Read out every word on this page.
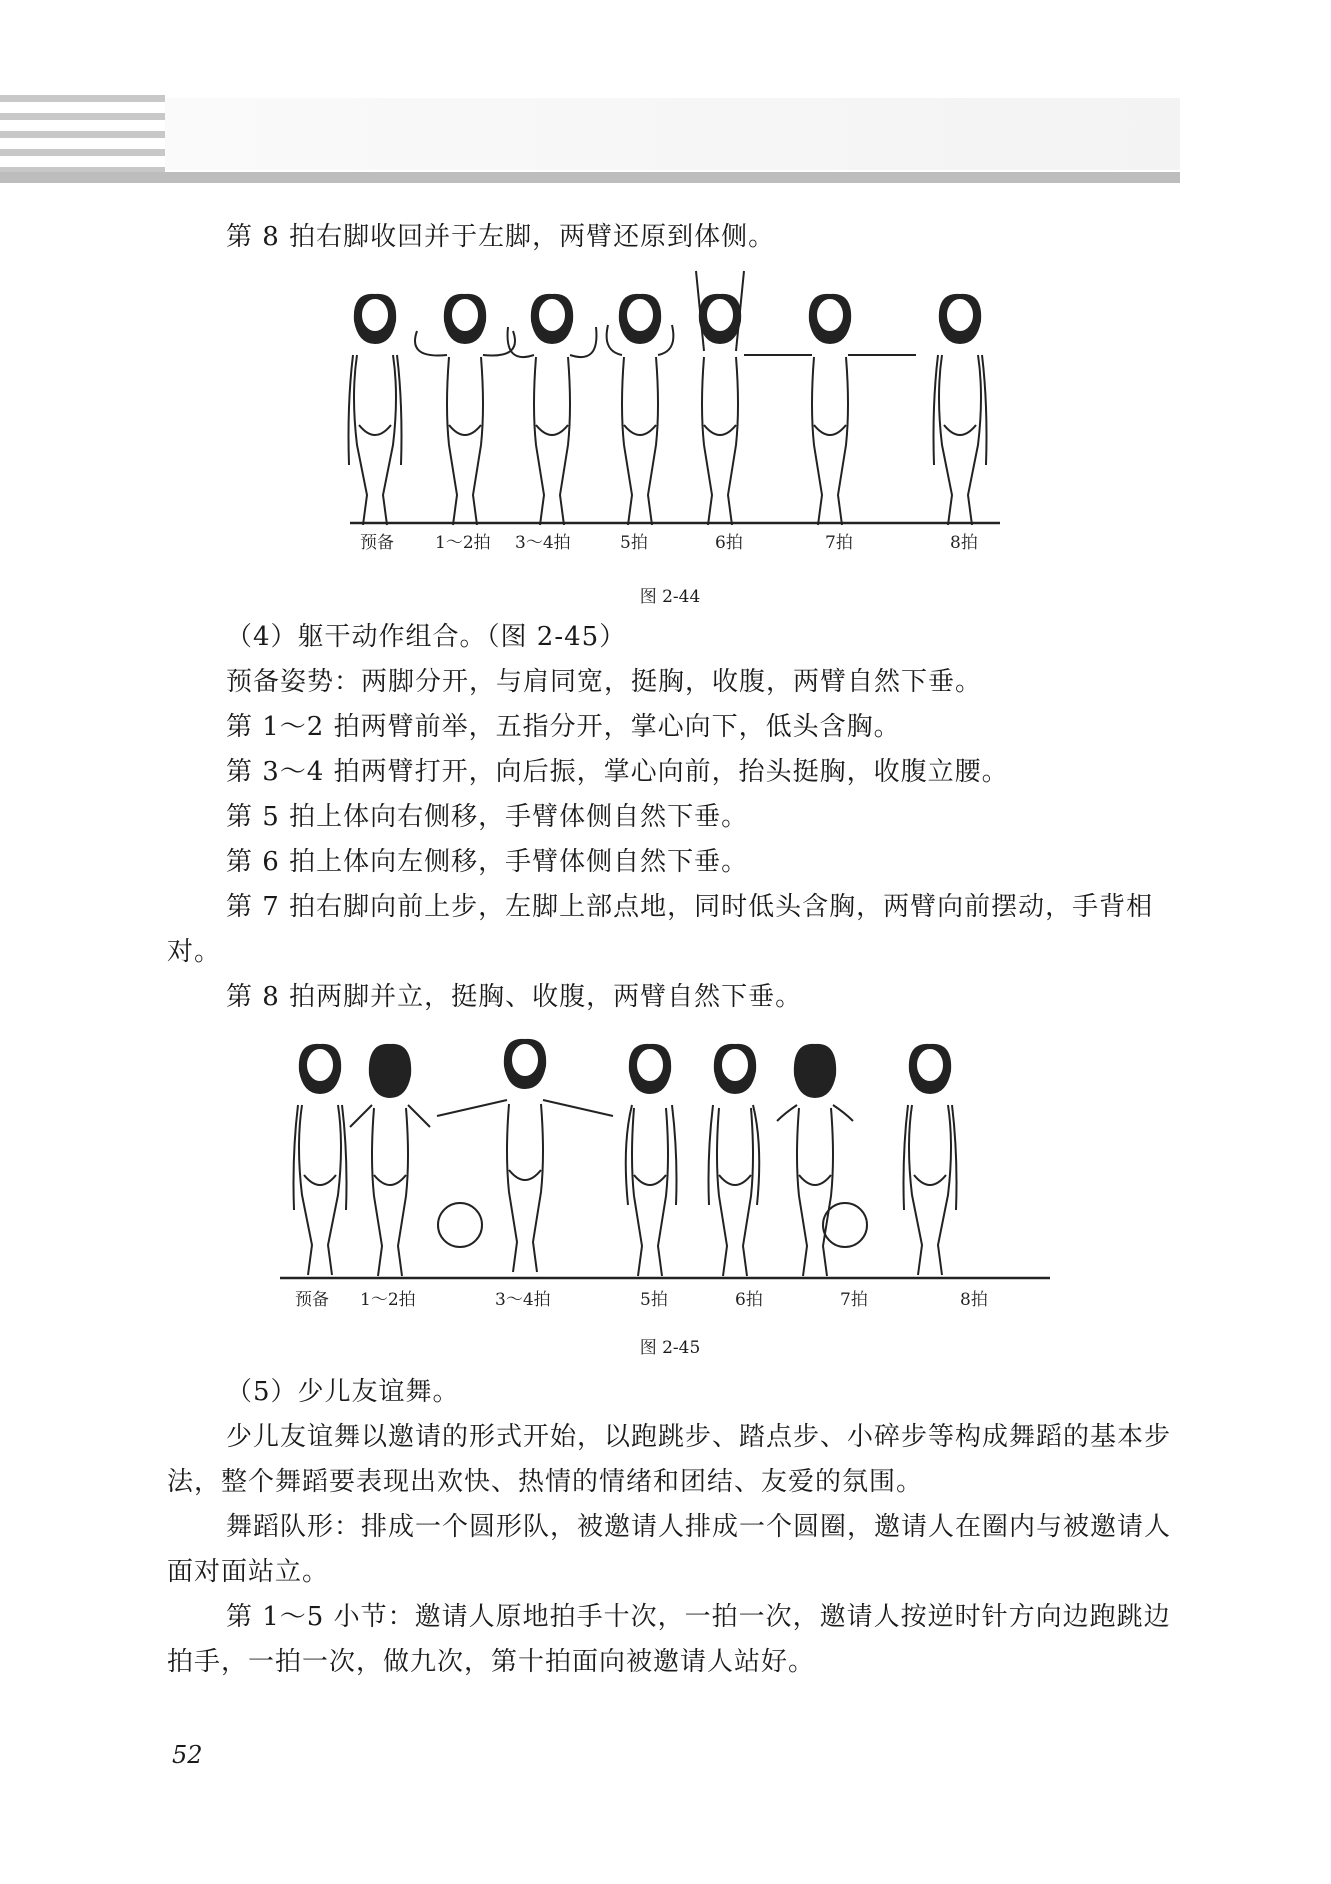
第 8 拍右脚收回并于左脚，两臂还原到体侧。

预备 1～2拍 3～4拍	5拍	6拍	7拍	8拍
图 2-44

（4）躯干动作组合。（图 2-45）

预备姿势：两脚分开，与肩同宽，挺胸，收腹，两臂自然下垂。

第 1～2 拍两臂前举，五指分开，掌心向下，低头含胸。

第 3～4 拍两臂打开，向后振，掌心向前，抬头挺胸，收腹立腰。

第 5 拍上体向右侧移，手臂体侧自然下垂。

第 6 拍上体向左侧移，手臂体侧自然下垂。

第 7 拍右脚向前上步，左脚上部点地，同时低头含胸，两臂向前摆动，手背相对。

第 8 拍两脚并立，挺胸、收腹，两臂自然下垂。

预备 1～2拍	3～4拍	5拍	6拍	7拍	8拍
图 2-45

（5）少儿友谊舞。

少儿友谊舞以邀请的形式开始，以跑跳步、踏点步、小碎步等构成舞蹈的基本步法，整个舞蹈要表现出欢快、热情的情绪和团结、友爱的氛围。

舞蹈队形：排成一个圆形队，被邀请人排成一个圆圈，邀请人在圈内与被邀请人面对面站立。

第 1～5 小节：邀请人原地拍手十次，一拍一次，邀请人按逆时针方向边跑跳边拍手，一拍一次，做九次，第十拍面向被邀请人站好。

52
